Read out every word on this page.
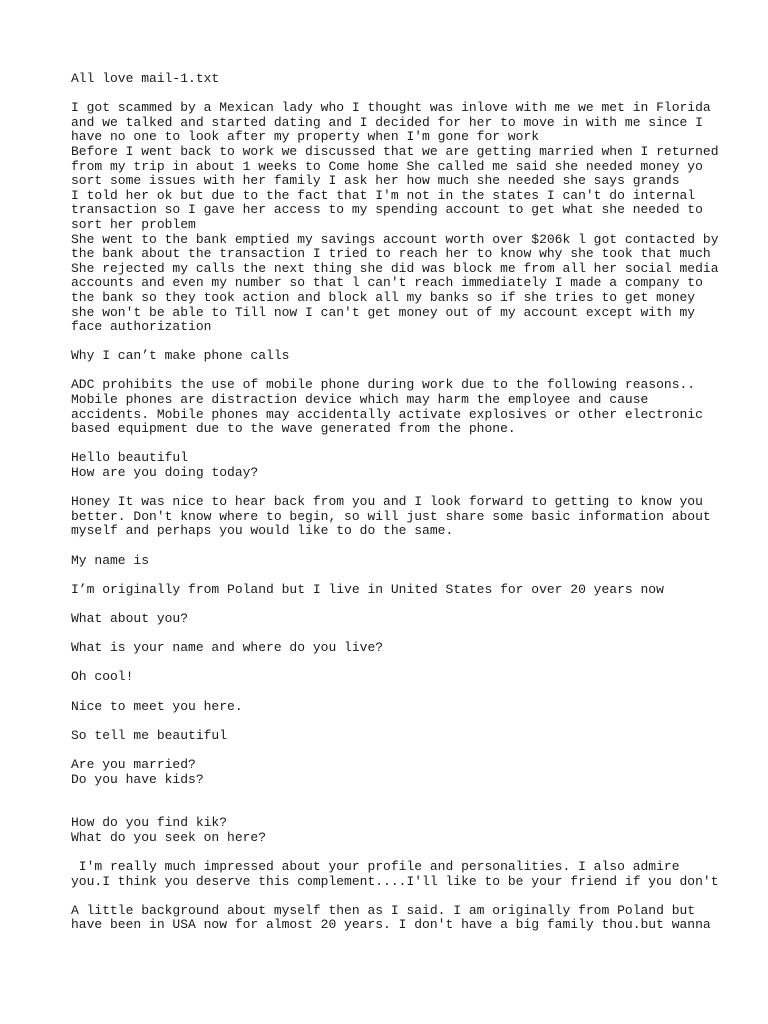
All love mail-1.txt
I got scammed by a Mexican lady who I thought was inlove with me we met in Florida
and we talked and started dating and I decided for her to move in with me since I
have no one to look after my property when I'm gone for work
Before I went back to work we discussed that we are getting married when I returned
from my trip in about 1 weeks to Come home She called me said she needed money yo
sort some issues with her family I ask her how much she needed she says grands
I told her ok but due to the fact that I'm not in the states I can't do internal
transaction so I gave her access to my spending account to get what she needed to
sort her problem
She went to the bank emptied my savings account worth over $206k l got contacted by
the bank about the transaction I tried to reach her to know why she took that much
She rejected my calls the next thing she did was block me from all her social media
accounts and even my number so that l can't reach immediately I made a company to
the bank so they took action and block all my banks so if she tries to get money
she won't be able to Till now I can't get money out of my account except with my
face authorization
Why I can’t make phone calls
ADC prohibits the use of mobile phone during work due to the following reasons..
Mobile phones are distraction device which may harm the employee and cause
accidents. Mobile phones may accidentally activate explosives or other electronic
based equipment due to the wave generated from the phone.
Hello beautiful
How are you doing today?
Honey It was nice to hear back from you and I look forward to getting to know you
better. Don't know where to begin, so will just share some basic information about
myself and perhaps you would like to do the same.
My name is
I’m originally from Poland but I live in United States for over 20 years now
What about you?
What is your name and where do you live?
Oh cool!
Nice to meet you here.
So tell me beautiful
Are you married?
Do you have kids?
How do you find kik?
What do you seek on here?
I'm really much impressed about your profile and personalities. I also admire
you.I think you deserve this complement....I'll like to be your friend if you don't
A little background about myself then as I said. I am originally from Poland but
have been in USA now for almost 20 years. I don't have a big family thou.but wanna
